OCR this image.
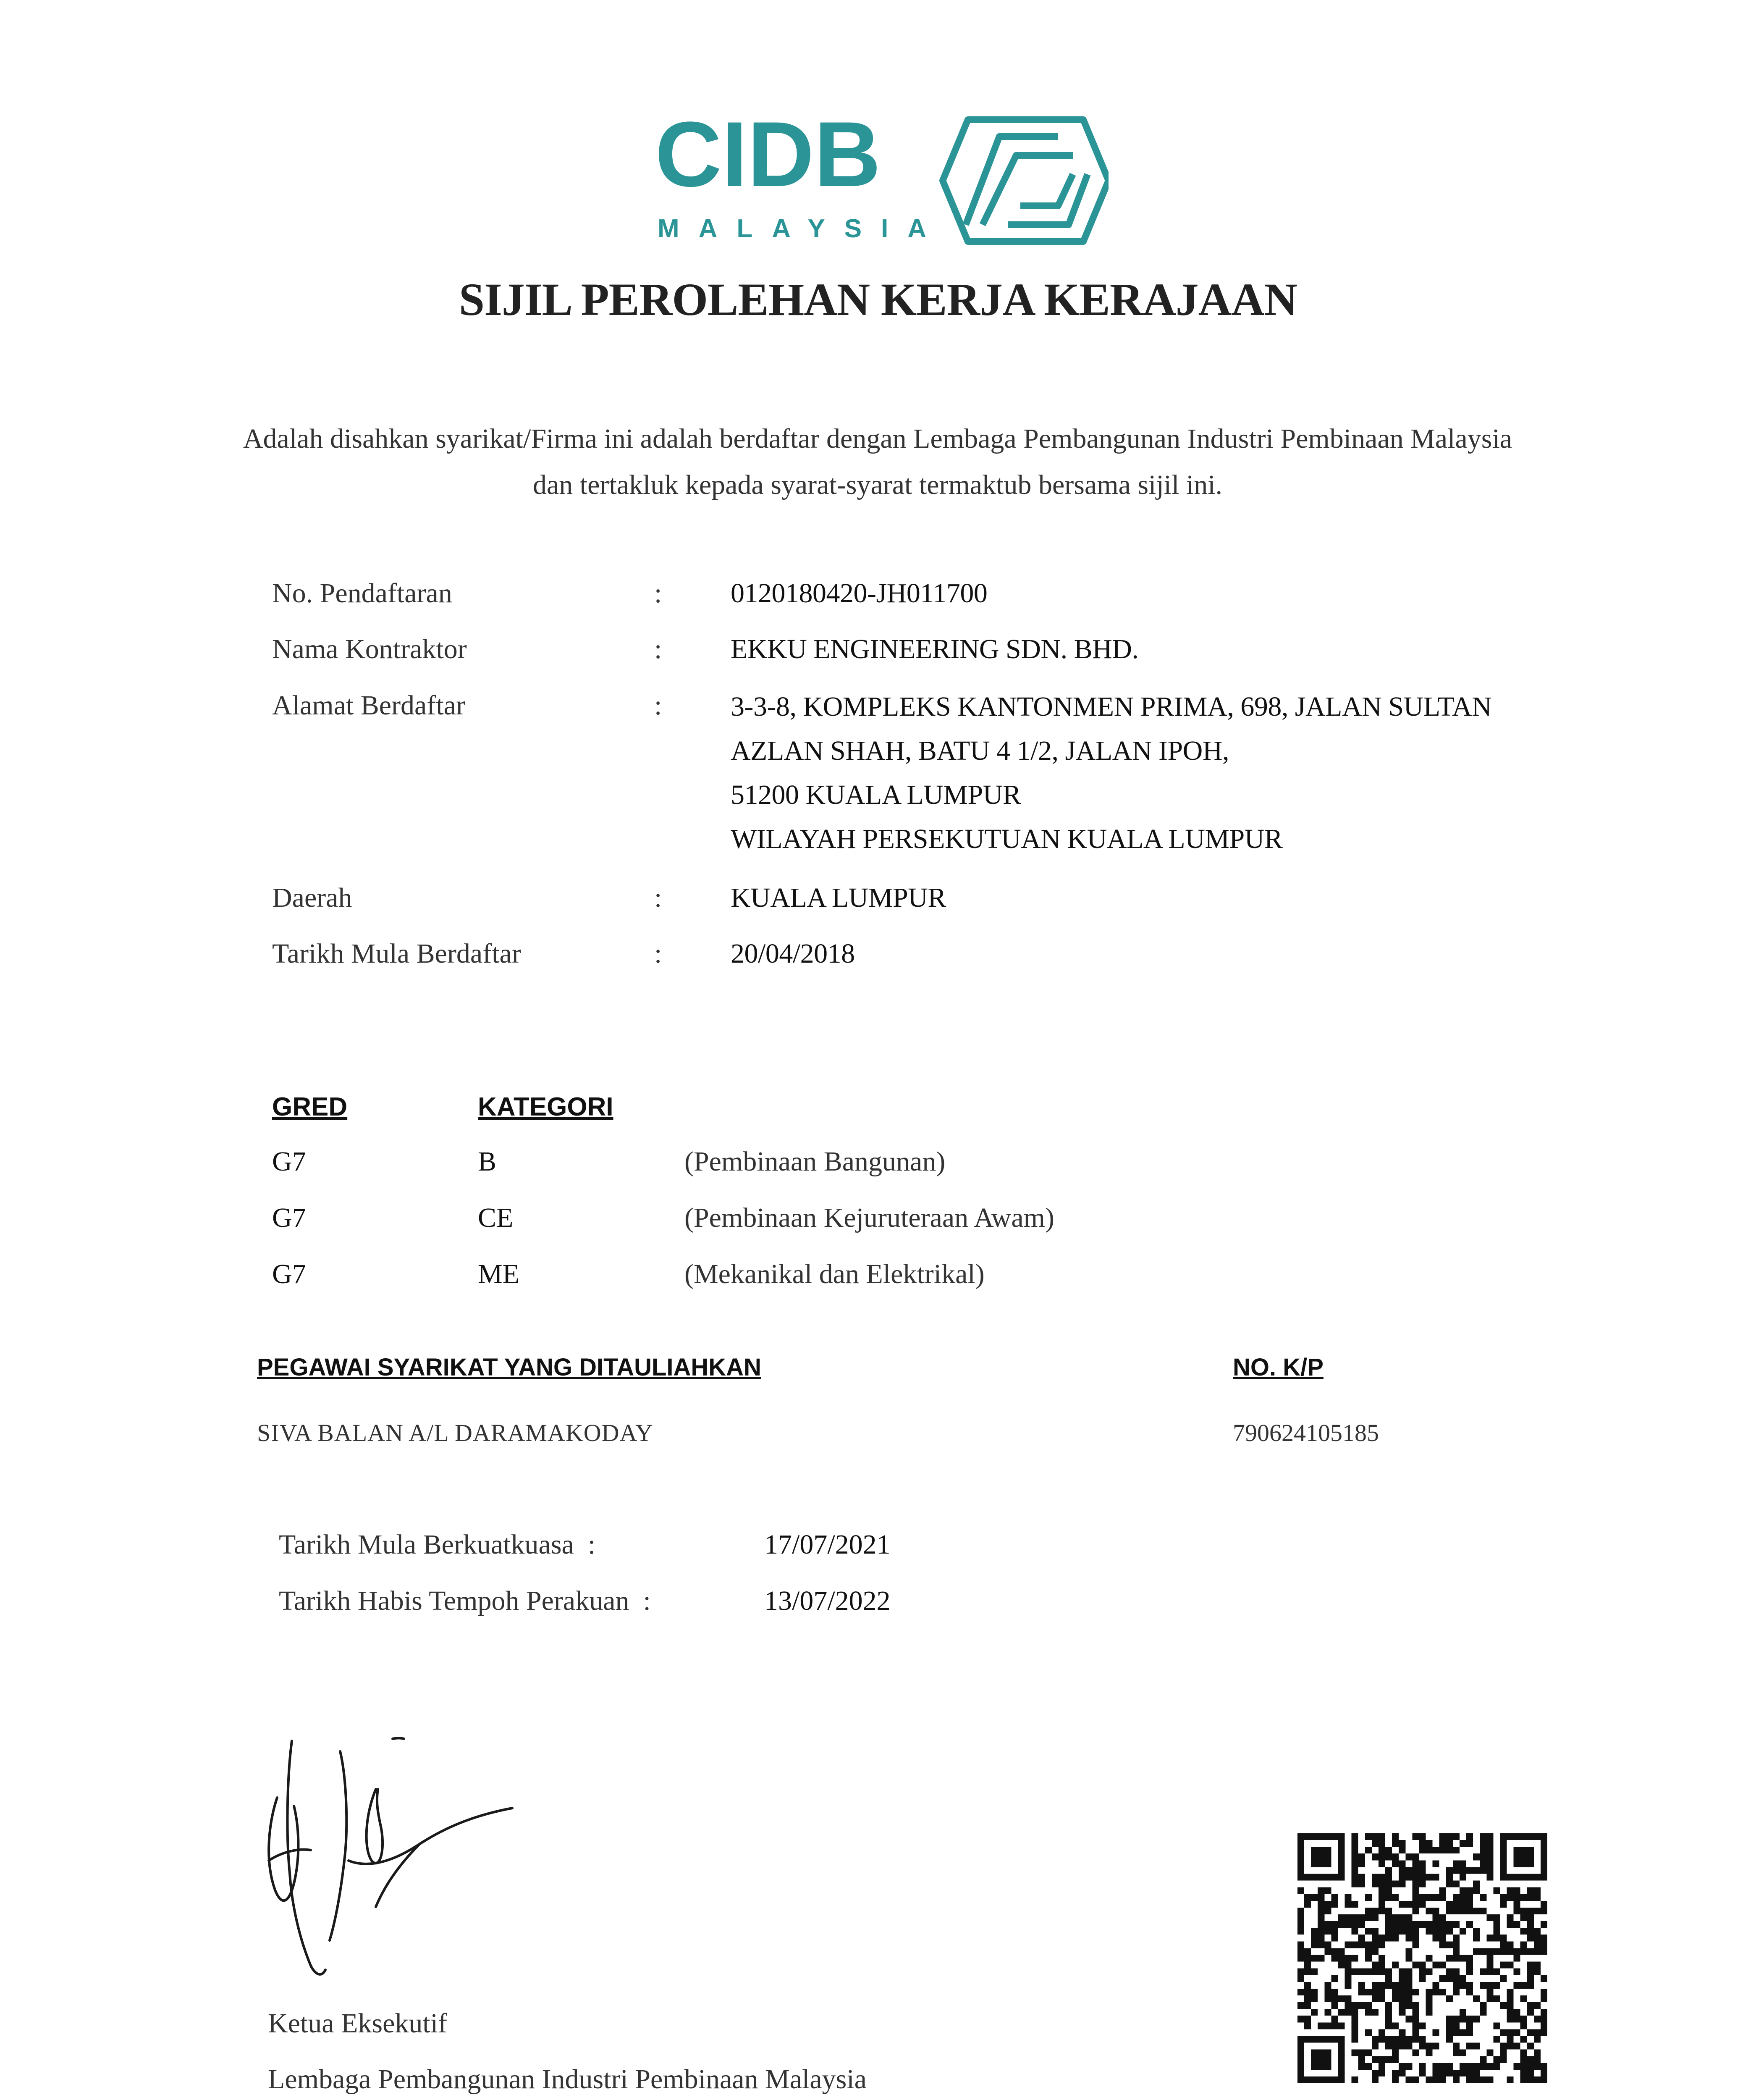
CIDB
MALAYSIA
SIJIL PEROLEHAN KERJA KERAJAAN
Adalah disahkan syarikat/Firma ini adalah berdaftar dengan Lembaga Pembangunan Industri Pembinaan Malaysia dan tertakluk kepada syarat-syarat termaktub bersama sijil ini.
No. Pendaftaran	: 0120180420-JH011700
Nama Kontraktor	: EKKU ENGINEERING SDN. BHD.
Alamat Berdaftar	: 3-3-8, KOMPLEKS KANTONMEN PRIMA, 698, JALAN SULTAN
AZLAN SHAH, BATU 4 1/2, JALAN IPOH,
51200 KUALA LUMPUR
WILAYAH PERSEKUTUAN KUALA LUMPUR
Daerah	: KUALA LUMPUR
Tarikh Mula Berdaftar	: 20/04/2018
GRED	KATEGORI
G7	B	(Pembinaan Bangunan)
G7	CE	(Pembinaan Kejuruteraan Awam)
G7	ME	(Mekanikal dan Elektrikal)
PEGAWAI SYARIKAT YANG DITAULIAHKAN	NO. K/P
SIVA BALAN A/L DARAMAKODAY	790624105185
Tarikh Mula Berkuatkuasa  :	17/07/2021
Tarikh Habis Tempoh Perakuan  :	13/07/2022
Ketua Eksekutif
Lembaga Pembangunan Industri Pembinaan Malaysia
